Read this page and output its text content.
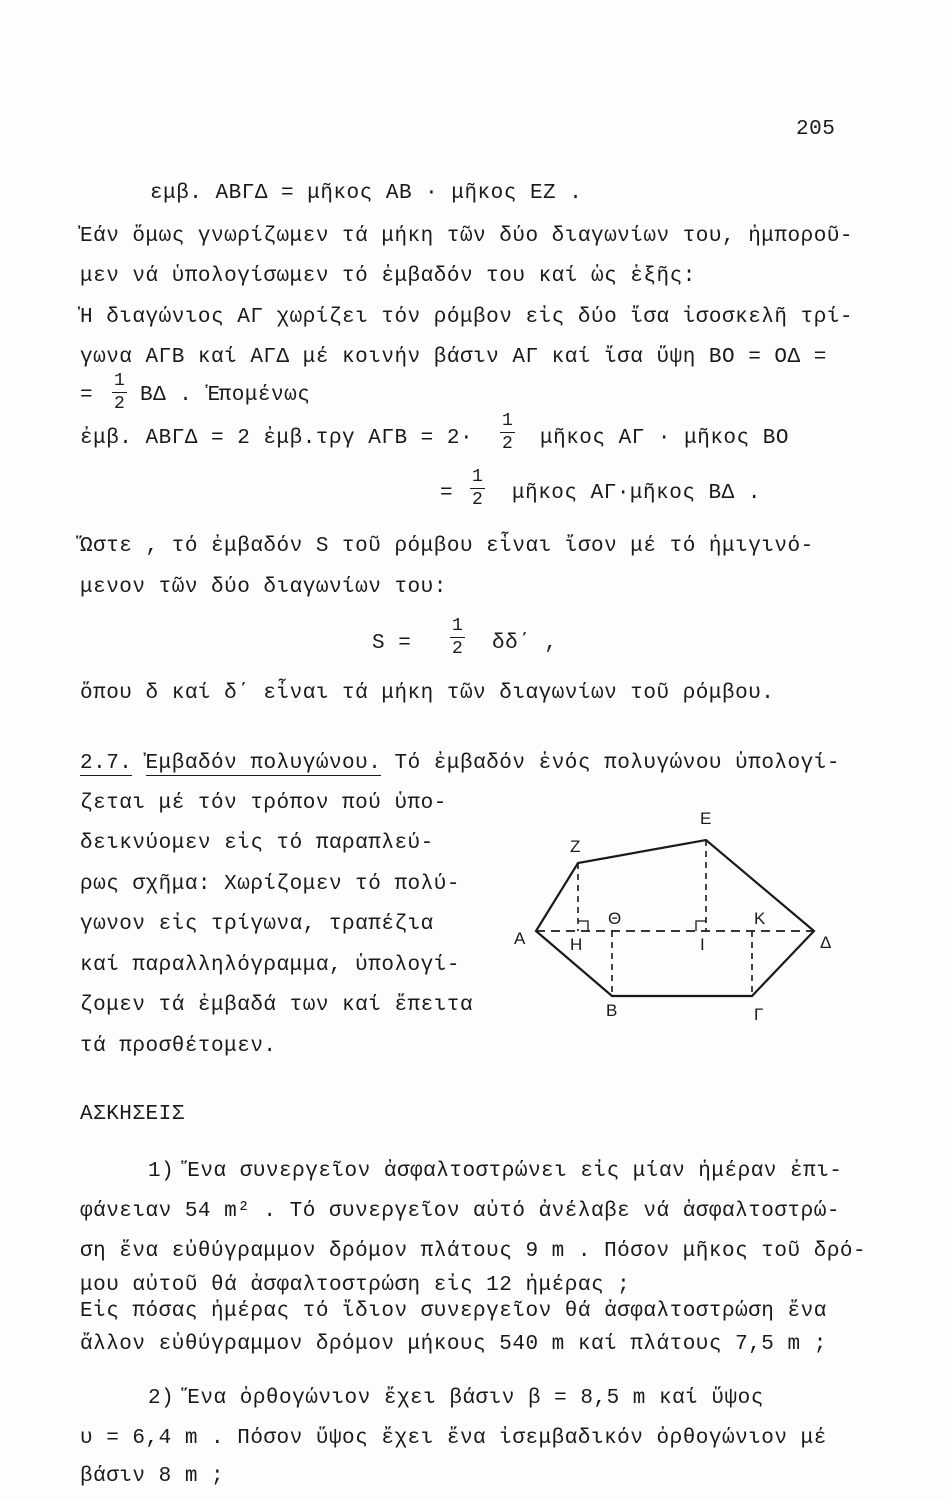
205
εμβ. ΑΒΓΔ = μῆκος ΑΒ · μῆκος ΕΖ .
Ἐάν ὅμως γνωρίζωμεν τά μήκη τῶν δύο διαγωνίων του, ἠμποροῦ-
μεν νά ὑπολογίσωμεν τό ἐμβαδόν του καί ὡς ἑξῆς:
Ἡ διαγώνιος ΑΓ χωρίζει τόν ρόμβον εἰς δύο ἴσα ἰσοσκελῆ τρί-
γωνα ΑΓΒ καί ΑΓΔ μέ κοινήν βάσιν ΑΓ καί ἴσα ὕψη ΒΟ = ΟΔ =
=
1
2 ΒΔ . Ἑπομένως
ἐμβ. ΑΒΓΔ = 2 ἐμβ.τργ ΑΓΒ = 2·
1
2 μῆκος ΑΓ · μῆκος ΒΟ
=
1
2 μῆκος ΑΓ·μῆκος ΒΔ .
Ὥστε , τό ἐμβαδόν S τοῦ ρόμβου εἶναι ἴσον μέ τό ἡμιγινό-
μενον τῶν δύο διαγωνίων του:
S =
1
2 δδ΄ ,
ὅπου δ καί δ΄ εἶναι τά μήκη τῶν διαγωνίων τοῦ ρόμβου.
2.7. Ἐμβαδόν πολυγώνου. Τό ἐμβαδόν ἑνός πολυγώνου ὑπολογί-
ζεται μέ τόν τρόπον πού ὑπο-
δεικνύομεν εἰς τό παραπλεύ-
ρως σχῆμα: Χωρίζομεν τό πολύ-
γωνον εἰς τρίγωνα, τραπέζια
καί παραλληλόγραμμα, ὑπολογί-
ζομεν τά ἐμβαδά των καί ἔπειτα
τά προσθέτομεν.
A
Z
E
Δ
Γ
B
H
Θ
I
K
ΑΣΚΗΣΕΙΣ
1) Ἕνα συνεργεῖον ἀσφαλτοστρώνει εἰς μίαν ἡμέραν ἐπι-
φάνειαν 54 m² . Τό συνεργεῖον αὐτό ἀνέλαβε νά ἀσφαλτοστρώ-
ση ἕνα εὐθύγραμμον δρόμον πλάτους 9 m . Πόσον μῆκος τοῦ δρό-
μου αὐτοῦ θά ἀσφαλτοστρώση εἰς 12 ἡμέρας ;
Εἰς πόσας ἡμέρας τό ἴδιον συνεργεῖον θά ἀσφαλτοστρώση ἕνα
ἄλλον εὐθύγραμμον δρόμον μήκους 540 m καί πλάτους 7,5 m ;
2) Ἕνα ὀρθογώνιον ἔχει βάσιν β = 8,5 m καί ὕψος
υ = 6,4 m . Πόσον ὕψος ἔχει ἕνα ἰσεμβαδικόν ὀρθογώνιον μέ
βάσιν 8 m ;
